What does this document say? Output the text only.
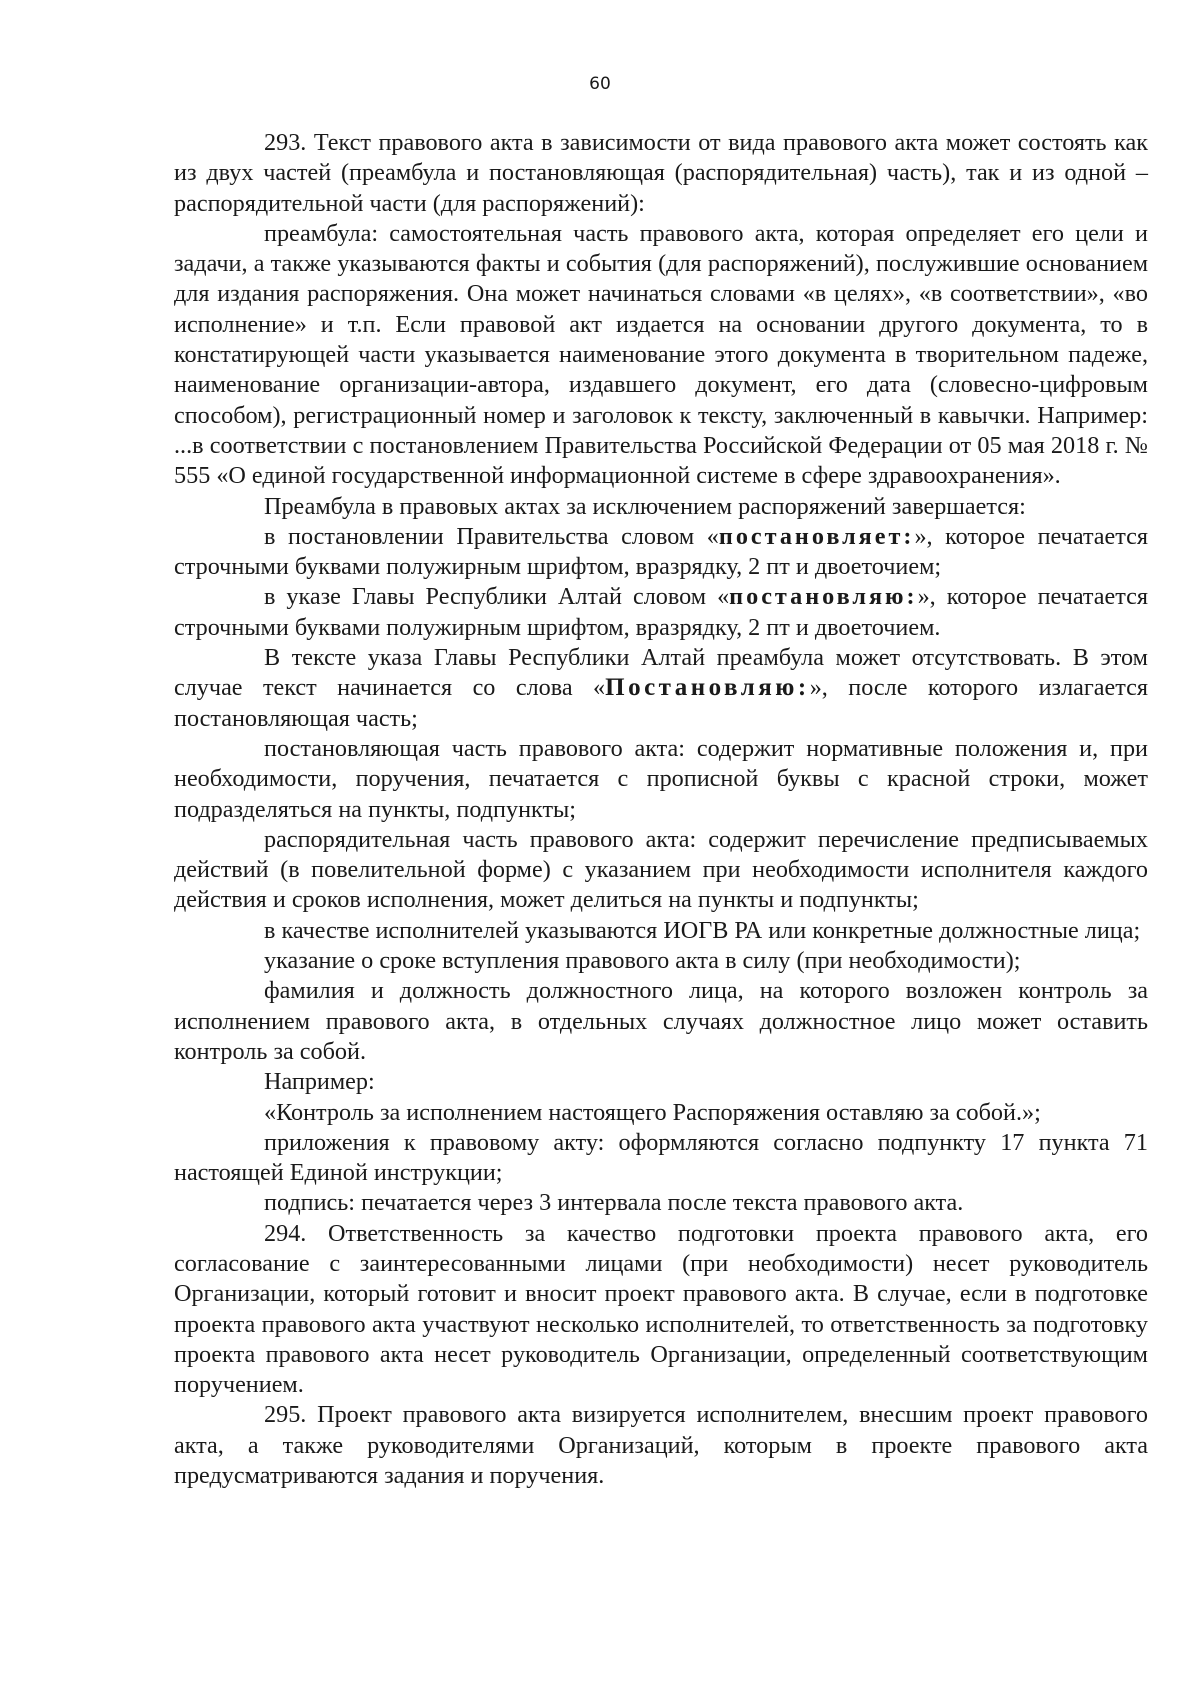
60

293. Текст правового акта в зависимости от вида правового акта может состоять как из двух частей (преамбула и постановляющая (распорядительная) часть), так и из одной – распорядительной части (для распоряжений):

преамбула: самостоятельная часть правового акта, которая определяет его цели и задачи, а также указываются факты и события (для распоряжений), послужившие основанием для издания распоряжения. Она может начинаться словами «в целях», «в соответствии», «во исполнение» и т.п. Если правовой акт издается на основании другого документа, то в констатирующей части указывается наименование этого документа в творительном падеже, наименование организации-автора, издавшего документ, его дата (словесно-цифровым способом), регистрационный номер и заголовок к тексту, заключенный в кавычки. Например: ...в соответствии с постановлением Правительства Российской Федерации от 05 мая 2018 г. № 555 «О единой государственной информационной системе в сфере здравоохранения».

Преамбула в правовых актах за исключением распоряжений завершается:

в постановлении Правительства словом «постановляет:», которое печатается строчными буквами полужирным шрифтом, вразрядку, 2 пт и двоеточием;

в указе Главы Республики Алтай словом «постановляю:», которое печатается строчными буквами полужирным шрифтом, вразрядку, 2 пт и двоеточием.

В тексте указа Главы Республики Алтай преамбула может отсутствовать. В этом случае текст начинается со слова «Постановляю:», после которого излагается постановляющая часть;

постановляющая часть правового акта: содержит нормативные положения и, при необходимости, поручения, печатается с прописной буквы с красной строки, может подразделяться на пункты, подпункты;

распорядительная часть правового акта: содержит перечисление предписываемых действий (в повелительной форме) с указанием при необходимости исполнителя каждого действия и сроков исполнения, может делиться на пункты и подпункты;

в качестве исполнителей указываются ИОГВ РА или конкретные должностные лица;

указание о сроке вступления правового акта в силу (при необходимости);

фамилия и должность должностного лица, на которого возложен контроль за исполнением правового акта, в отдельных случаях должностное лицо может оставить контроль за собой.

Например:

«Контроль за исполнением настоящего Распоряжения оставляю за собой.»;

приложения к правовому акту: оформляются согласно подпункту 17 пункта 71 настоящей Единой инструкции;

подпись: печатается через 3 интервала после текста правового акта.

294. Ответственность за качество подготовки проекта правового акта, его согласование с заинтересованными лицами (при необходимости) несет руководитель Организации, который готовит и вносит проект правового акта. В случае, если в подготовке проекта правового акта участвуют несколько исполнителей, то ответственность за подготовку проекта правового акта несет руководитель Организации, определенный соответствующим поручением.

295. Проект правового акта визируется исполнителем, внесшим проект правового акта, а также руководителями Организаций, которым в проекте правового акта предусматриваются задания и поручения.
